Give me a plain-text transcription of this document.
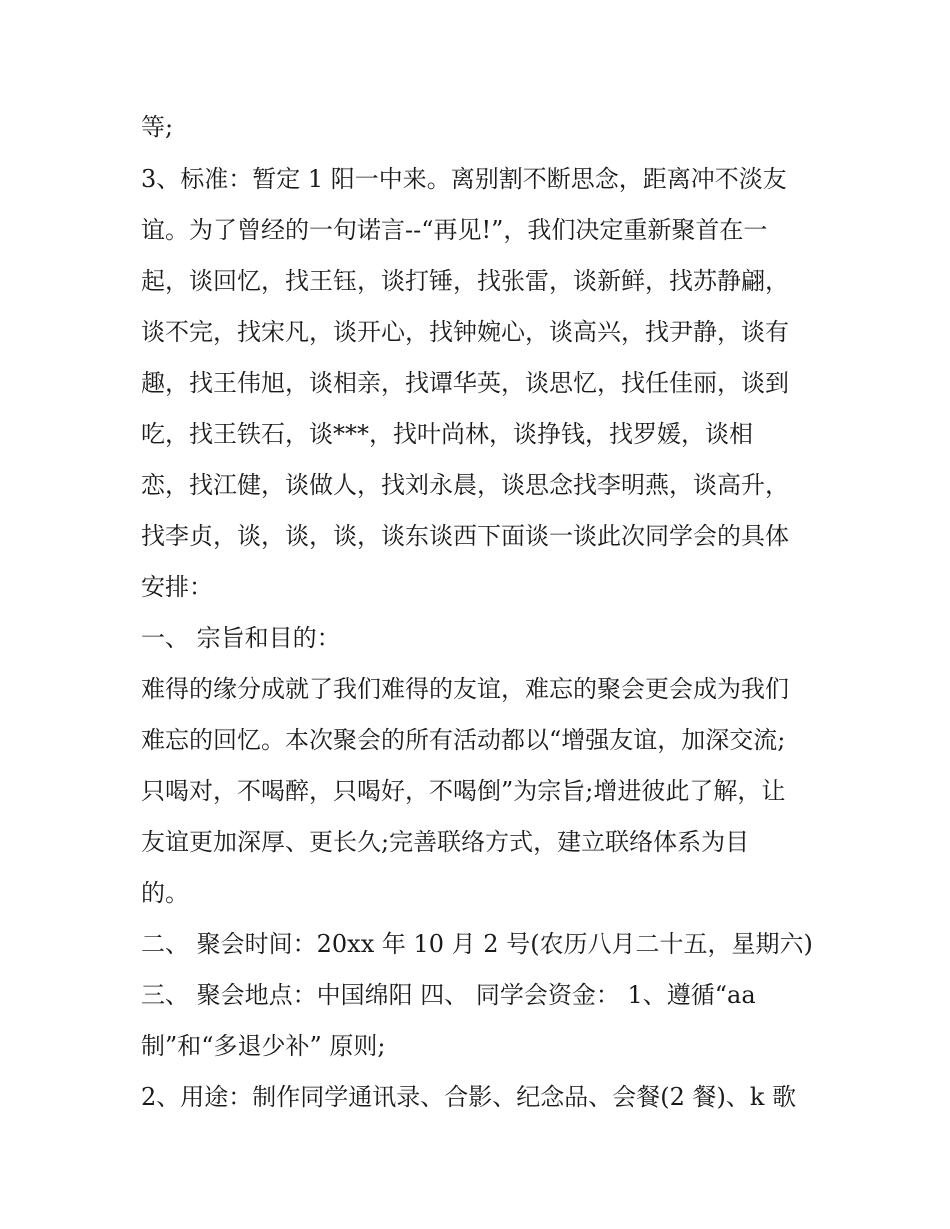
等;
3、标准：暂定 1 阳一中来。离别割不断思念，距离冲不淡友
谊。为了曾经的一句诺言--“再见!”，我们决定重新聚首在一
起，谈回忆，找王钰，谈打锤，找张雷，谈新鲜，找苏静翩，
谈不完，找宋凡，谈开心，找钟婉心，谈高兴，找尹静，谈有
趣，找王伟旭，谈相亲，找谭华英，谈思忆，找任佳丽，谈到
吃，找王铁石，谈***，找叶尚林，谈挣钱，找罗媛，谈相
恋，找江健，谈做人，找刘永晨，谈思念找李明燕，谈高升，
找李贞，谈，谈，谈，谈东谈西下面谈一谈此次同学会的具体
安排：
一、 宗旨和目的：
难得的缘分成就了我们难得的友谊，难忘的聚会更会成为我们
难忘的回忆。本次聚会的所有活动都以“增强友谊，加深交流;
只喝对，不喝醉，只喝好，不喝倒”为宗旨;增进彼此了解，让
友谊更加深厚、更长久;完善联络方式，建立联络体系为目
的。
二、 聚会时间：20xx 年 10 月 2 号(农历八月二十五，星期六)
三、 聚会地点：中国绵阳 四、 同学会资金： 1、遵循“aa
制”和“多退少补” 原则;
2、用途：制作同学通讯录、合影、纪念品、会餐(2 餐)、k 歌
